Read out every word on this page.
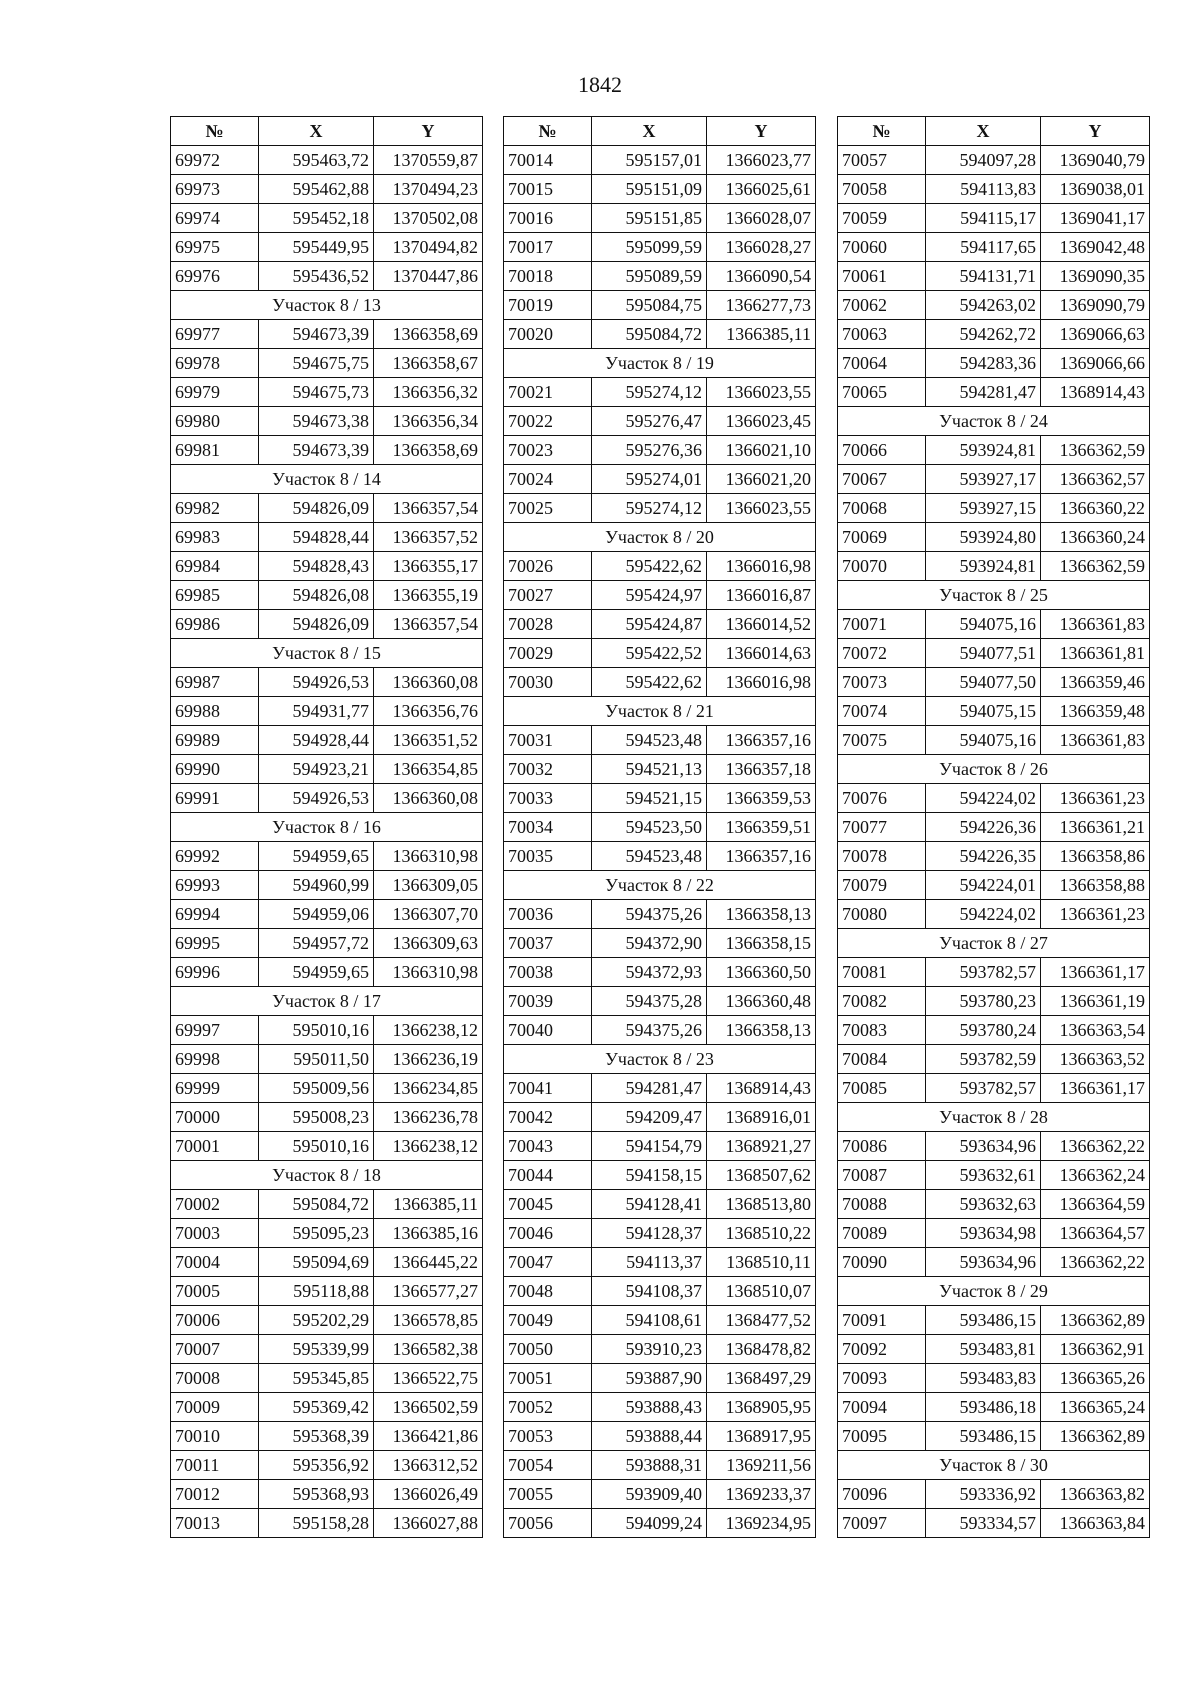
1842
№	X	Y
69972	595463,72	1370559,87
69973	595462,88	1370494,23
69974	595452,18	1370502,08
69975	595449,95	1370494,82
69976	595436,52	1370447,86
Участок 8 / 13		
69977	594673,39	1366358,69
69978	594675,75	1366358,67
69979	594675,73	1366356,32
69980	594673,38	1366356,34
69981	594673,39	1366358,69
Участок 8 / 14		
69982	594826,09	1366357,54
69983	594828,44	1366357,52
69984	594828,43	1366355,17
69985	594826,08	1366355,19
69986	594826,09	1366357,54
Участок 8 / 15		
69987	594926,53	1366360,08
69988	594931,77	1366356,76
69989	594928,44	1366351,52
69990	594923,21	1366354,85
69991	594926,53	1366360,08
Участок 8 / 16		
69992	594959,65	1366310,98
69993	594960,99	1366309,05
69994	594959,06	1366307,70
69995	594957,72	1366309,63
69996	594959,65	1366310,98
Участок 8 / 17		
69997	595010,16	1366238,12
69998	595011,50	1366236,19
69999	595009,56	1366234,85
70000	595008,23	1366236,78
70001	595010,16	1366238,12
Участок 8 / 18		
70002	595084,72	1366385,11
70003	595095,23	1366385,16
70004	595094,69	1366445,22
70005	595118,88	1366577,27
70006	595202,29	1366578,85
70007	595339,99	1366582,38
70008	595345,85	1366522,75
70009	595369,42	1366502,59
70010	595368,39	1366421,86
70011	595356,92	1366312,52
70012	595368,93	1366026,49
70013	595158,28	1366027,88
№	X	Y
70014	595157,01	1366023,77
70015	595151,09	1366025,61
70016	595151,85	1366028,07
70017	595099,59	1366028,27
70018	595089,59	1366090,54
70019	595084,75	1366277,73
70020	595084,72	1366385,11
Участок 8 / 19		
70021	595274,12	1366023,55
70022	595276,47	1366023,45
70023	595276,36	1366021,10
70024	595274,01	1366021,20
70025	595274,12	1366023,55
Участок 8 / 20		
70026	595422,62	1366016,98
70027	595424,97	1366016,87
70028	595424,87	1366014,52
70029	595422,52	1366014,63
70030	595422,62	1366016,98
Участок 8 / 21		
70031	594523,48	1366357,16
70032	594521,13	1366357,18
70033	594521,15	1366359,53
70034	594523,50	1366359,51
70035	594523,48	1366357,16
Участок 8 / 22		
70036	594375,26	1366358,13
70037	594372,90	1366358,15
70038	594372,93	1366360,50
70039	594375,28	1366360,48
70040	594375,26	1366358,13
Участок 8 / 23		
70041	594281,47	1368914,43
70042	594209,47	1368916,01
70043	594154,79	1368921,27
70044	594158,15	1368507,62
70045	594128,41	1368513,80
70046	594128,37	1368510,22
70047	594113,37	1368510,11
70048	594108,37	1368510,07
70049	594108,61	1368477,52
70050	593910,23	1368478,82
70051	593887,90	1368497,29
70052	593888,43	1368905,95
70053	593888,44	1368917,95
70054	593888,31	1369211,56
70055	593909,40	1369233,37
70056	594099,24	1369234,95
№	X	Y
70057	594097,28	1369040,79
70058	594113,83	1369038,01
70059	594115,17	1369041,17
70060	594117,65	1369042,48
70061	594131,71	1369090,35
70062	594263,02	1369090,79
70063	594262,72	1369066,63
70064	594283,36	1369066,66
70065	594281,47	1368914,43
Участок 8 / 24		
70066	593924,81	1366362,59
70067	593927,17	1366362,57
70068	593927,15	1366360,22
70069	593924,80	1366360,24
70070	593924,81	1366362,59
Участок 8 / 25		
70071	594075,16	1366361,83
70072	594077,51	1366361,81
70073	594077,50	1366359,46
70074	594075,15	1366359,48
70075	594075,16	1366361,83
Участок 8 / 26		
70076	594224,02	1366361,23
70077	594226,36	1366361,21
70078	594226,35	1366358,86
70079	594224,01	1366358,88
70080	594224,02	1366361,23
Участок 8 / 27		
70081	593782,57	1366361,17
70082	593780,23	1366361,19
70083	593780,24	1366363,54
70084	593782,59	1366363,52
70085	593782,57	1366361,17
Участок 8 / 28		
70086	593634,96	1366362,22
70087	593632,61	1366362,24
70088	593632,63	1366364,59
70089	593634,98	1366364,57
70090	593634,96	1366362,22
Участок 8 / 29		
70091	593486,15	1366362,89
70092	593483,81	1366362,91
70093	593483,83	1366365,26
70094	593486,18	1366365,24
70095	593486,15	1366362,89
Участок 8 / 30		
70096	593336,92	1366363,82
70097	593334,57	1366363,84
